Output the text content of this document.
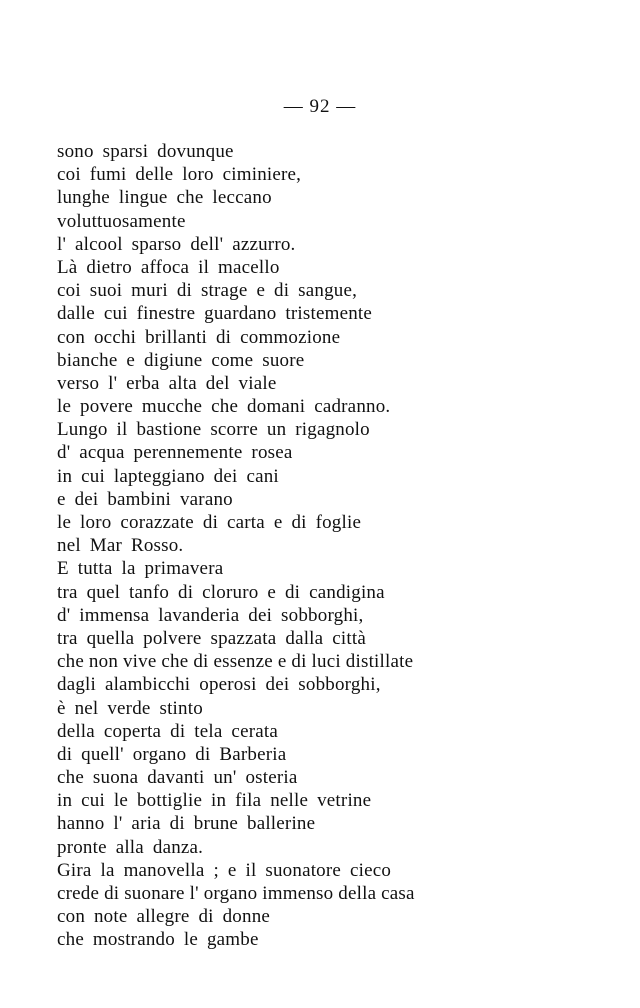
— 92 —
sono sparsi dovunque
coi fumi delle loro ciminiere,
lunghe lingue che leccano
voluttuosamente
l' alcool sparso dell' azzurro.
Là dietro affoca il macello
coi suoi muri di strage e di sangue,
dalle cui finestre guardano tristemente
con occhi brillanti di commozione
bianche e digiune come suore
verso l' erba alta del viale
le povere mucche che domani cadranno.
Lungo il bastione scorre un rigagnolo
d' acqua perennemente rosea
in cui lapteggiano dei cani
e dei bambini varano
le loro corazzate di carta e di foglie
nel Mar Rosso.
E tutta la primavera
tra quel tanfo di cloruro e di candigina
d' immensa lavanderia dei sobborghi,
tra quella polvere spazzata dalla città
che non vive che di essenze e di luci distillate
dagli alambicchi operosi dei sobborghi,
è nel verde stinto
della coperta di tela cerata
di quell' organo di Barberia
che suona davanti un' osteria
in cui le bottiglie in fila nelle vetrine
hanno l' aria di brune ballerine
pronte alla danza.
Gira la manovella ; e il suonatore cieco
crede di suonare l' organo immenso della casa
con note allegre di donne
che mostrando le gambe
